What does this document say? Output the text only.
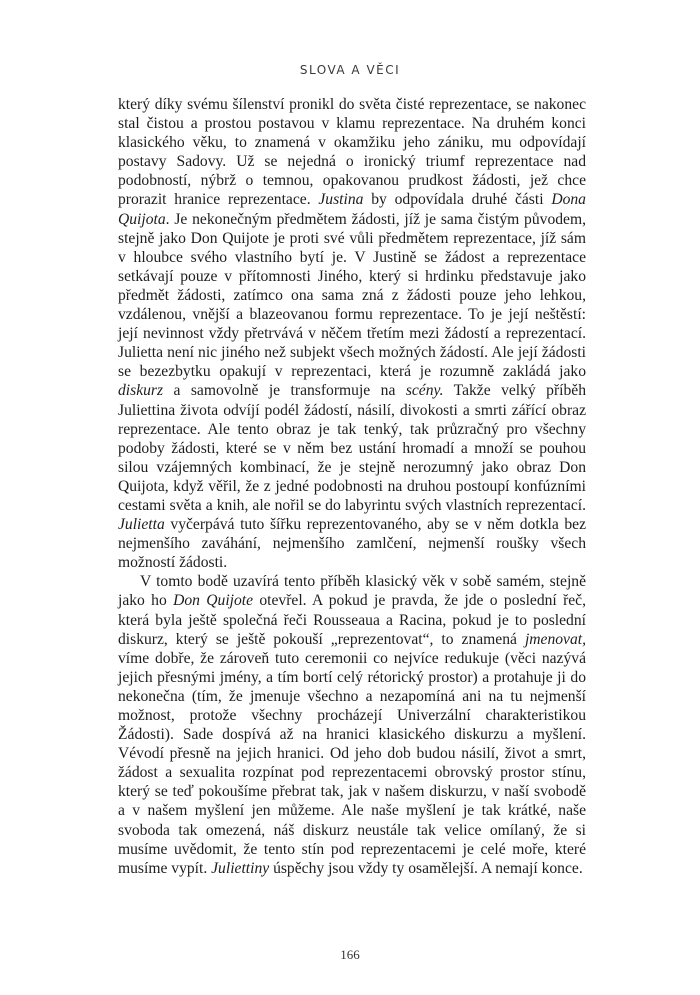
SLOVA A VĚCI

který díky svému šílenství pronikl do světa čisté reprezentace, se nakonec stal čistou a prostou postavou v klamu reprezentace. Na druhém konci klasického věku, to znamená v okamžiku jeho zániku, mu odpovídají postavy Sadovy. Už se nejedná o ironický triumf reprezentace nad podobností, nýbrž o temnou, opakovanou prudkost žádosti, jež chce prorazit hranice reprezentace. Justina by odpovídala druhé části Dona Quijota. Je nekonečným předmětem žádosti, jíž je sama čistým původem, stejně jako Don Quijote je proti své vůli předmětem reprezentace, jíž sám v hloubce svého vlastního bytí je. V Justině se žádost a reprezentace setkávají pouze v přítomnosti Jiného, který si hrdinku představuje jako předmět žádosti, zatímco ona sama zná z žádosti pouze jeho lehkou, vzdálenou, vnější a blazeovanou formu reprezentace. To je její neštěstí: její nevinnost vždy přetrvává v něčem třetím mezi žádostí a reprezentací. Julietta není nic jiného než subjekt všech možných žádostí. Ale její žádosti se bezezbytku opakují v reprezentaci, která je rozumně zakládá jako diskurz a samovolně je transformuje na scény. Takže velký příběh Juliettina života odvíjí podél žádostí, násilí, divokosti a smrti zářící obraz reprezentace. Ale tento obraz je tak tenký, tak průzračný pro všechny podoby žádosti, které se v něm bez ustání hromadí a množí se pouhou silou vzájemných kombinací, že je stejně nerozumný jako obraz Don Quijota, když věřil, že z jedné podobnosti na druhou postoupí konfúzními cestami světa a knih, ale nořil se do labyrintu svých vlastních reprezentací. Julietta vyčerpává tuto šířku reprezentovaného, aby se v něm dotkla bez nejmenšího zaváhání, nejmenšího zamlčení, nejmenší roušky všech možností žádosti.

V tomto bodě uzavírá tento příběh klasický věk v sobě samém, stejně jako ho Don Quijote otevřel. A pokud je pravda, že jde o poslední řeč, která byla ještě společná řeči Rousseaua a Racina, pokud je to poslední diskurz, který se ještě pokouší „reprezentovat“, to znamená jmenovat, víme dobře, že zároveň tuto ceremonii co nejvíce redukuje (věci nazývá jejich přesnými jmény, a tím bortí celý rétorický prostor) a protahuje ji do nekonečna (tím, že jmenuje všechno a nezapomíná ani na tu nejmenší možnost, protože všechny procházejí Univerzální charakteristikou Žádosti). Sade dospívá až na hranici klasického diskurzu a myšlení. Vévodí přesně na jejich hranici. Od jeho dob budou násilí, život a smrt, žádost a sexualita rozpínat pod reprezentacemi obrovský prostor stínu, který se teď pokoušíme přebrat tak, jak v našem diskurzu, v naší svobodě a v našem myšlení jen můžeme. Ale naše myšlení je tak krátké, naše svoboda tak omezená, náš diskurz neustále tak velice omílaný, že si musíme uvědomit, že tento stín pod reprezentacemi je celé moře, které musíme vypít. Juliettiny úspěchy jsou vždy ty osamělejší. A nemají konce.

166
